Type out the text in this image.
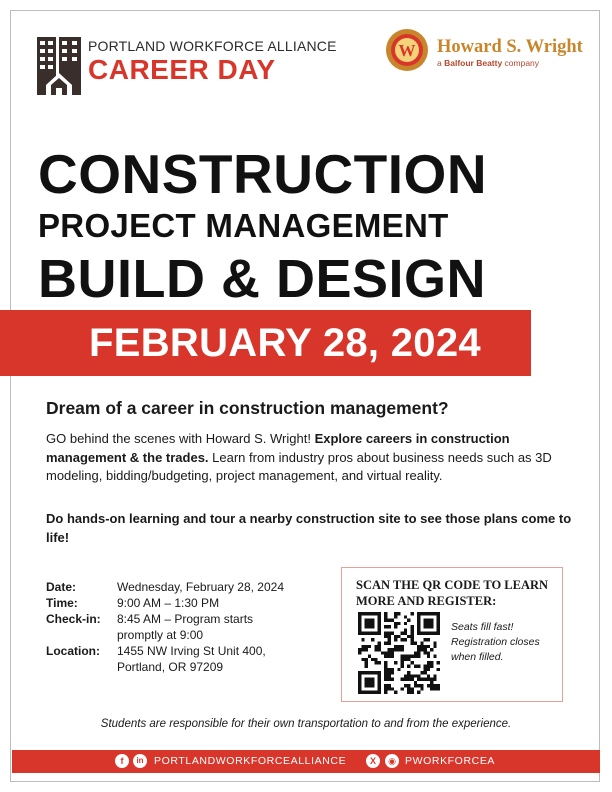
PORTLAND WORKFORCE ALLIANCE
CAREER DAY
W Howard S. Wright
a Balfour Beatty company
CONSTRUCTION
PROJECT MANAGEMENT
BUILD & DESIGN
FEBRUARY 28, 2024
Dream of a career in construction management?
GO behind the scenes with Howard S. Wright! Explore careers in construction management & the trades. Learn from industry pros about business needs such as 3D modeling, bidding/budgeting, project management, and virtual reality.
Do hands-on learning and tour a nearby construction site to see those plans come to life!
Date:	Wednesday, February 28, 2024
Time:	9:00 AM – 1:30 PM
Check-in:	8:45 AM – Program starts promptly at 9:00
Location:	1455 NW Irving St Unit 400, Portland, OR 97209
SCAN THE QR CODE TO LEARN MORE AND REGISTER:
Seats fill fast! Registration closes when filled.
Students are responsible for their own transportation to and from the experience.
f	in PORTLANDWORKFORCEALLIANCE	X	◉ PWORKFORCEA
